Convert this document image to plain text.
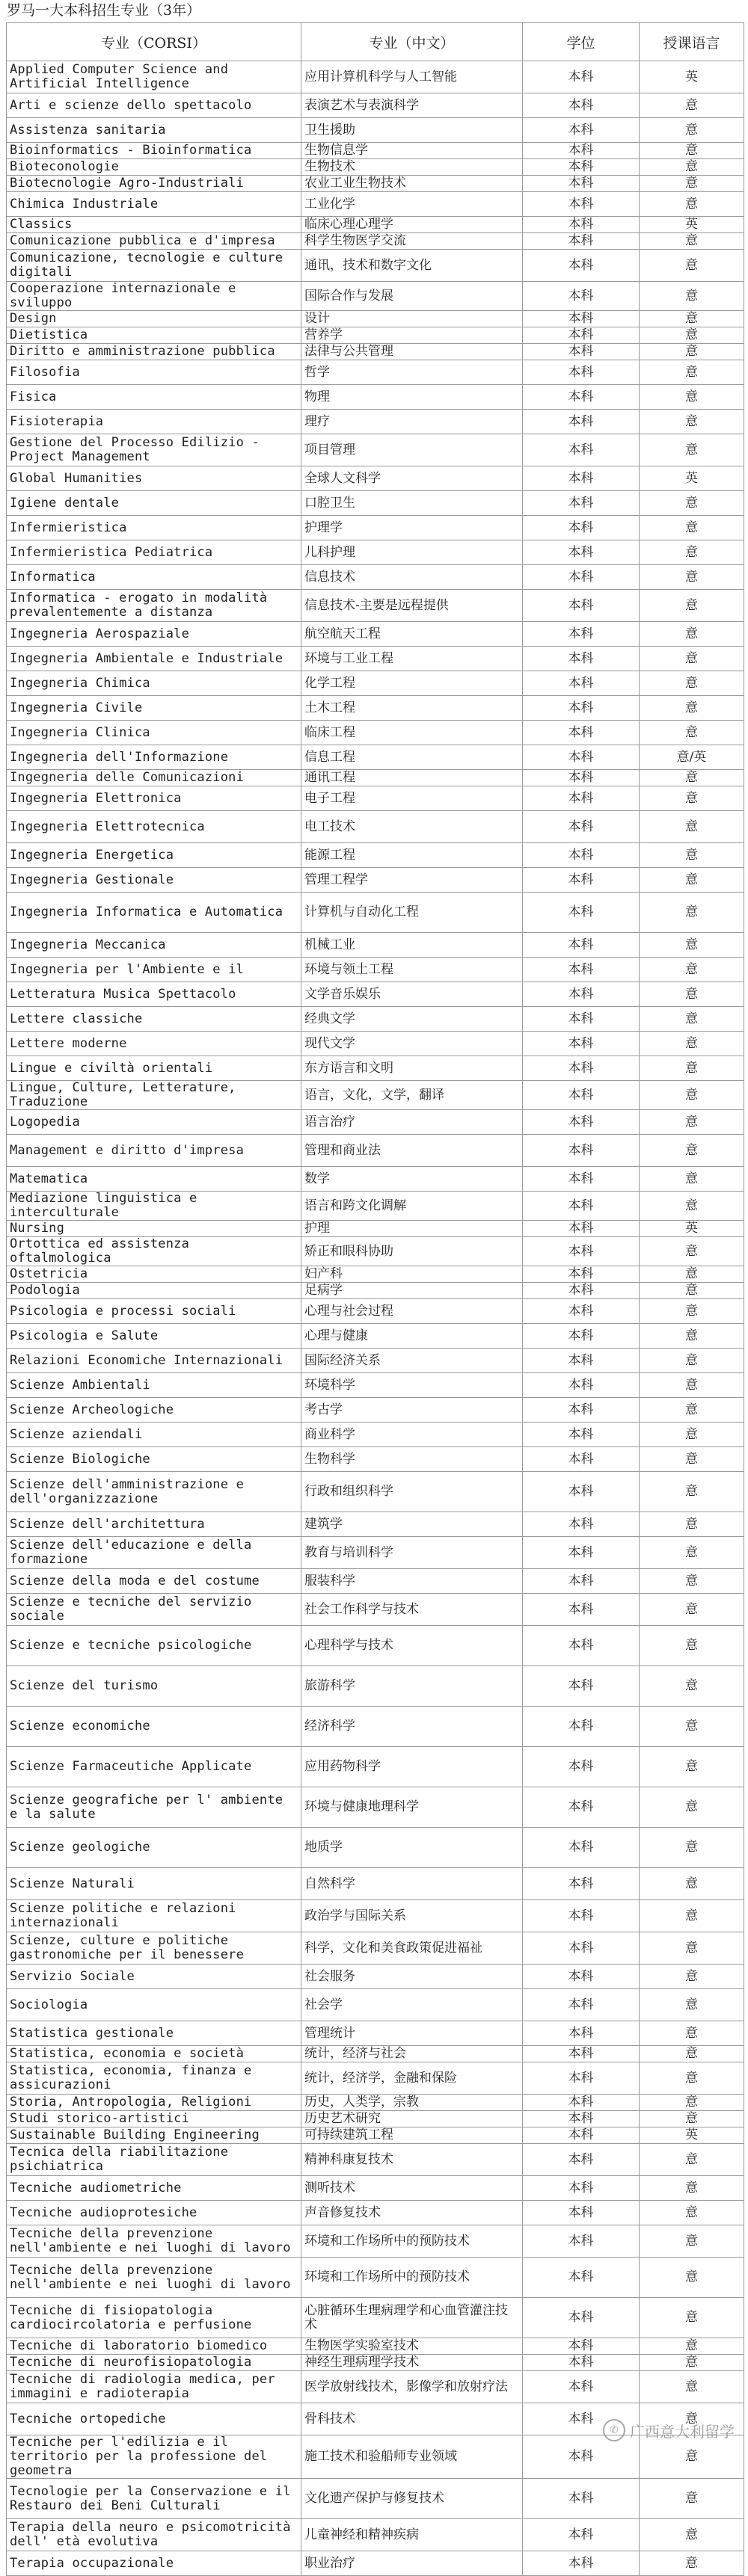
罗马一大本科招生专业（3年）
专业（CORSI）	专业（中文）	学位	授课语言
Applied Computer Science and Artificial Intelligence	应用计算机科学与人工智能	本科	英
Arti e scienze dello spettacolo	表演艺术与表演科学	本科	意
Assistenza sanitaria	卫生援助	本科	意
Bioinformatics - Bioinformatica	生物信息学	本科	意
Bioteconologie	生物技术	本科	意
Biotecnologie Agro-Industriali	农业工业生物技术	本科	意
Chimica Industriale	工业化学	本科	意
Classics	临床心理心理学	本科	英
Comunicazione pubblica e d'impresa	科学生物医学交流	本科	意
Comunicazione, tecnologie e culture digitali	通讯，技术和数字文化	本科	意
Cooperazione internazionale e sviluppo	国际合作与发展	本科	意
Design	设计	本科	意
Dietistica	营养学	本科	意
Diritto e amministrazione pubblica	法律与公共管理	本科	意
Filosofia	哲学	本科	意
Fisica	物理	本科	意
Fisioterapia	理疗	本科	意
Gestione del Processo Edilizio - Project Management	项目管理	本科	意
Global Humanities	全球人文科学	本科	英
Igiene dentale	口腔卫生	本科	意
Infermieristica	护理学	本科	意
Infermieristica Pediatrica	儿科护理	本科	意
Informatica	信息技术	本科	意
Informatica - erogato in modalità prevalentemente a distanza	信息技术-主要是远程提供	本科	意
Ingegneria Aerospaziale	航空航天工程	本科	意
Ingegneria Ambientale e Industriale	环境与工业工程	本科	意
Ingegneria Chimica	化学工程	本科	意
Ingegneria Civile	土木工程	本科	意
Ingegneria Clinica	临床工程	本科	意
Ingegneria dell'Informazione	信息工程	本科	意/英
Ingegneria delle Comunicazioni	通讯工程	本科	意
Ingegneria Elettronica	电子工程	本科	意
Ingegneria Elettrotecnica	电工技术	本科	意
Ingegneria Energetica	能源工程	本科	意
Ingegneria Gestionale	管理工程学	本科	意
Ingegneria Informatica e Automatica	计算机与自动化工程	本科	意
Ingegneria Meccanica	机械工业	本科	意
Ingegneria per l'Ambiente e il	环境与领土工程	本科	意
Letteratura Musica Spettacolo	文学音乐娱乐	本科	意
Lettere classiche	经典文学	本科	意
Lettere moderne	现代文学	本科	意
Lingue e civiltà orientali	东方语言和文明	本科	意
Lingue, Culture, Letterature, Traduzione	语言，文化，文学，翻译	本科	意
Logopedia	语言治疗	本科	意
Management e diritto d'impresa	管理和商业法	本科	意
Matematica	数学	本科	意
Mediazione linguistica e interculturale	语言和跨文化调解	本科	意
Nursing	护理	本科	英
Ortottica ed assistenza oftalmologica	矫正和眼科协助	本科	意
Ostetricia	妇产科	本科	意
Podologia	足病学	本科	意
Psicologia e processi sociali	心理与社会过程	本科	意
Psicologia e Salute	心理与健康	本科	意
Relazioni Economiche Internazionali	国际经济关系	本科	意
Scienze Ambientali	环境科学	本科	意
Scienze Archeologiche	考古学	本科	意
Scienze aziendali	商业科学	本科	意
Scienze Biologiche	生物科学	本科	意
Scienze dell'amministrazione e dell'organizzazione	行政和组织科学	本科	意
Scienze dell'architettura	建筑学	本科	意
Scienze dell'educazione e della formazione	教育与培训科学	本科	意
Scienze della moda e del costume	服装科学	本科	意
Scienze e tecniche del servizio sociale	社会工作科学与技术	本科	意
Scienze e tecniche psicologiche	心理科学与技术	本科	意
Scienze del turismo	旅游科学	本科	意
Scienze economiche	经济科学	本科	意
Scienze Farmaceutiche Applicate	应用药物科学	本科	意
Scienze geografiche per l' ambiente e la salute	环境与健康地理科学	本科	意
Scienze geologiche	地质学	本科	意
Scienze Naturali	自然科学	本科	意
Scienze politiche e relazioni internazionali	政治学与国际关系	本科	意
Scienze, culture e politiche gastronomiche per il benessere	科学，文化和美食政策促进福祉	本科	意
Servizio Sociale	社会服务	本科	意
Sociologia	社会学	本科	意
Statistica gestionale	管理统计	本科	意
Statistica, economia e società	统计，经济与社会	本科	意
Statistica, economia, finanza e assicurazioni	统计，经济学，金融和保险	本科	意
Storia, Antropologia, Religioni	历史，人类学，宗教	本科	意
Studi storico-artistici	历史艺术研究	本科	意
Sustainable Building Engineering	可持续建筑工程	本科	英
Tecnica della riabilitazione psichiatrica	精神科康复技术	本科	意
Tecniche audiometriche	测听技术	本科	意
Tecniche audioprotesiche	声音修复技术	本科	意
Tecniche della prevenzione nell'ambiente e nei luoghi di lavoro	环境和工作场所中的预防技术	本科	意
Tecniche della prevenzione nell'ambiente e nei luoghi di lavoro	环境和工作场所中的预防技术	本科	意
Tecniche di fisiopatologia cardiocircolatoria e perfusione	心脏循环生理病理学和心血管灌注技术	本科	意
Tecniche di laboratorio biomedico	生物医学实验室技术	本科	意
Tecniche di neurofisiopatologia	神经生理病理学技术	本科	意
Tecniche di radiologia medica, per immagini e radioterapia	医学放射线技术，影像学和放射疗法	本科	意
Tecniche ortopediche	骨科技术	本科	意
Tecniche per l'edilizia e il territorio per la professione del geometra	施工技术和验船师专业领域	本科	意
Tecnologie per la Conservazione e il Restauro dei Beni Culturali	文化遗产保护与修复技术	本科	意
Terapia della neuro e psicomotricità dell' età evolutiva	儿童神经和精神疾病	本科	意
Terapia occupazionale	职业治疗	本科	意
✆ 广西意大利留学
